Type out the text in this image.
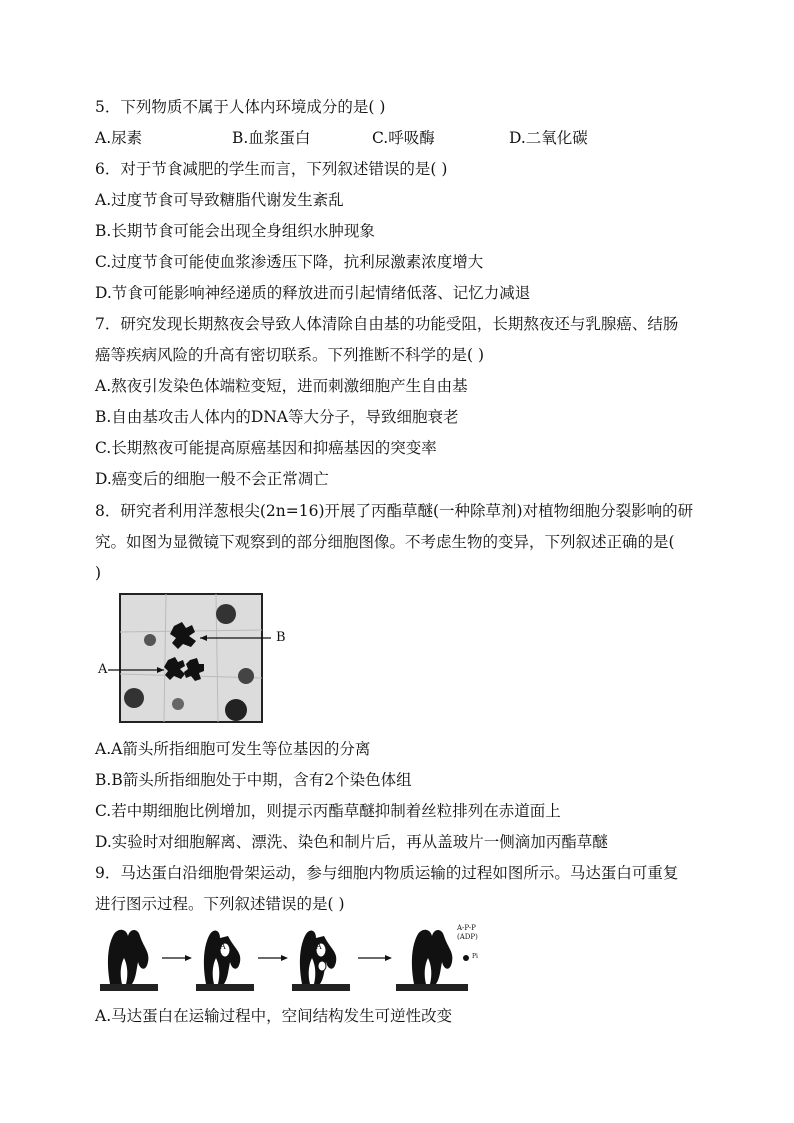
5．下列物质不属于人体内环境成分的是( )
A.尿素	B.血浆蛋白	C.呼吸酶	D.二氧化碳
6．对于节食减肥的学生而言，下列叙述错误的是( )
A.过度节食可导致糖脂代谢发生紊乱
B.长期节食可能会出现全身组织水肿现象
C.过度节食可能使血浆渗透压下降，抗利尿激素浓度增大
D.节食可能影响神经递质的释放进而引起情绪低落、记忆力减退
7．研究发现长期熬夜会导致人体清除自由基的功能受阻，长期熬夜还与乳腺癌、结肠
癌等疾病风险的升高有密切联系。下列推断不科学的是( )
A.熬夜引发染色体端粒变短，进而刺激细胞产生自由基
B.自由基攻击人体内的DNA等大分子，导致细胞衰老
C.长期熬夜可能提高原癌基因和抑癌基因的突变率
D.癌变后的细胞一般不会正常凋亡
8．研究者利用洋葱根尖(2n=16)开展了丙酯草醚(一种除草剂)对植物细胞分裂影响的研
究。如图为显微镜下观察到的部分细胞图像。不考虑生物的变异，下列叙述正确的是(
)
B
A
A.A箭头所指细胞可发生等位基因的分离
B.B箭头所指细胞处于中期，含有2个染色体组
C.若中期细胞比例增加，则提示丙酯草醚抑制着丝粒排列在赤道面上
D.实验时对细胞解离、漂洗、染色和制片后，再从盖玻片一侧滴加丙酯草醚
9．马达蛋白沿细胞骨架运动，参与细胞内物质运输的过程如图所示。马达蛋白可重复
进行图示过程。下列叙述错误的是( )
A	A
A-P-P
(ADP)
Pi
A.马达蛋白在运输过程中，空间结构发生可逆性改变
